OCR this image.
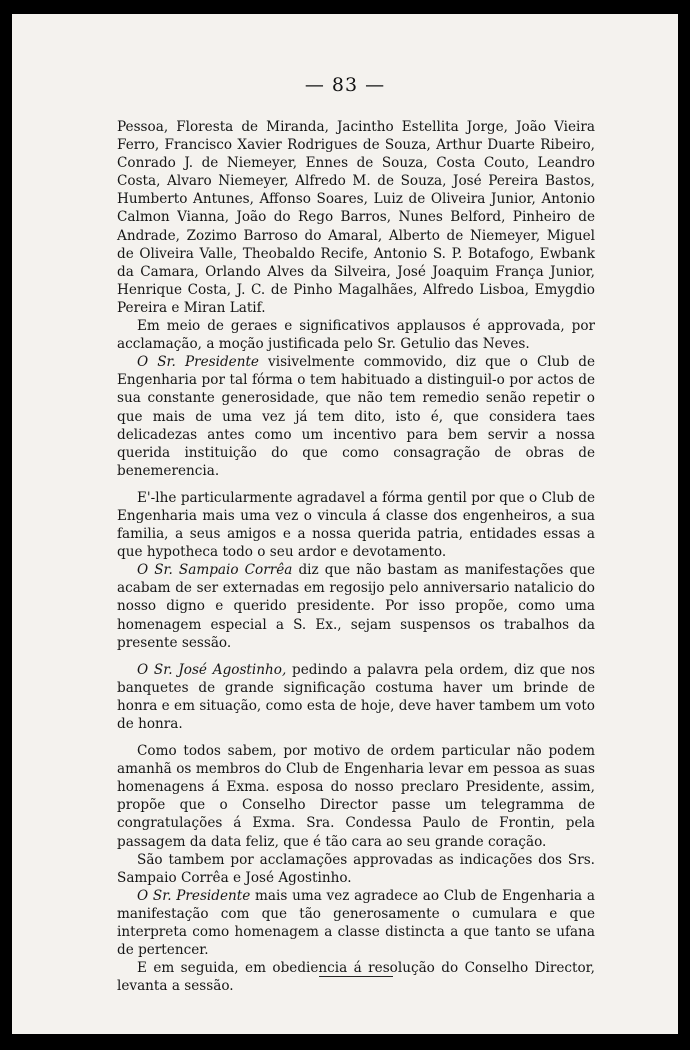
— 83 —

Pessoa, Floresta de Miranda, Jacintho Estellita Jorge, João Vieira Ferro, Francisco Xavier Rodrigues de Souza, Arthur Duarte Ribeiro, Conrado J. de Niemeyer, Ennes de Souza, Costa Couto, Leandro Costa, Alvaro Niemeyer, Alfredo M. de Souza, José Pereira Bastos, Humberto Antunes, Affonso Soares, Luiz de Oliveira Junior, Antonio Calmon Vianna, João do Rego Barros, Nunes Belford, Pinheiro de Andrade, Zozimo Barroso do Amaral, Alberto de Niemeyer, Miguel de Oliveira Valle, Theobaldo Recife, Antonio S. P. Botafogo, Ewbank da Camara, Orlando Alves da Silveira, José Joaquim França Junior, Henrique Costa, J. C. de Pinho Magalhães, Alfredo Lisboa, Emygdio Pereira e Miran Latif.

Em meio de geraes e significativos applausos é approvada, por acclamação, a moção justificada pelo Sr. Getulio das Neves.

O Sr. Presidente visivelmente commovido, diz que o Club de Engenharia por tal fórma o tem habituado a distinguil-o por actos de sua constante generosidade, que não tem remedio senão repetir o que mais de uma vez já tem dito, isto é, que considera taes delicadezas antes como um incentivo para bem servir a nossa querida instituição do que como consagração de obras de benemerencia.

E'-lhe particularmente agradavel a fórma gentil por que o Club de Engenharia mais uma vez o vincula á classe dos engenheiros, a sua familia, a seus amigos e a nossa querida patria, entidades essas a que hypotheca todo o seu ardor e devotamento.

O Sr. Sampaio Corrêa diz que não bastam as manifestações que acabam de ser externadas em regosijo pelo anniversario natalicio do nosso digno e querido presidente. Por isso propõe, como uma homenagem especial a S. Ex., sejam suspensos os trabalhos da presente sessão.

O Sr. José Agostinho, pedindo a palavra pela ordem, diz que nos banquetes de grande significação costuma haver um brinde de honra e em situação, como esta de hoje, deve haver tambem um voto de honra.

Como todos sabem, por motivo de ordem particular não podem amanhã os membros do Club de Engenharia levar em pessoa as suas homenagens á Exma. esposa do nosso preclaro Presidente, assim, propõe que o Conselho Director passe um telegramma de congratulações á Exma. Sra. Condessa Paulo de Frontin, pela passagem da data feliz, que é tão cara ao seu grande coração.

São tambem por acclamações approvadas as indicações dos Srs. Sampaio Corrêa e José Agostinho.

O Sr. Presidente mais uma vez agradece ao Club de Engenharia a manifestação com que tão generosamente o cumulara e que interpreta como homenagem a classe distincta a que tanto se ufana de pertencer.

E em seguida, em obediencia á resolução do Conselho Director, levanta a sessão.
